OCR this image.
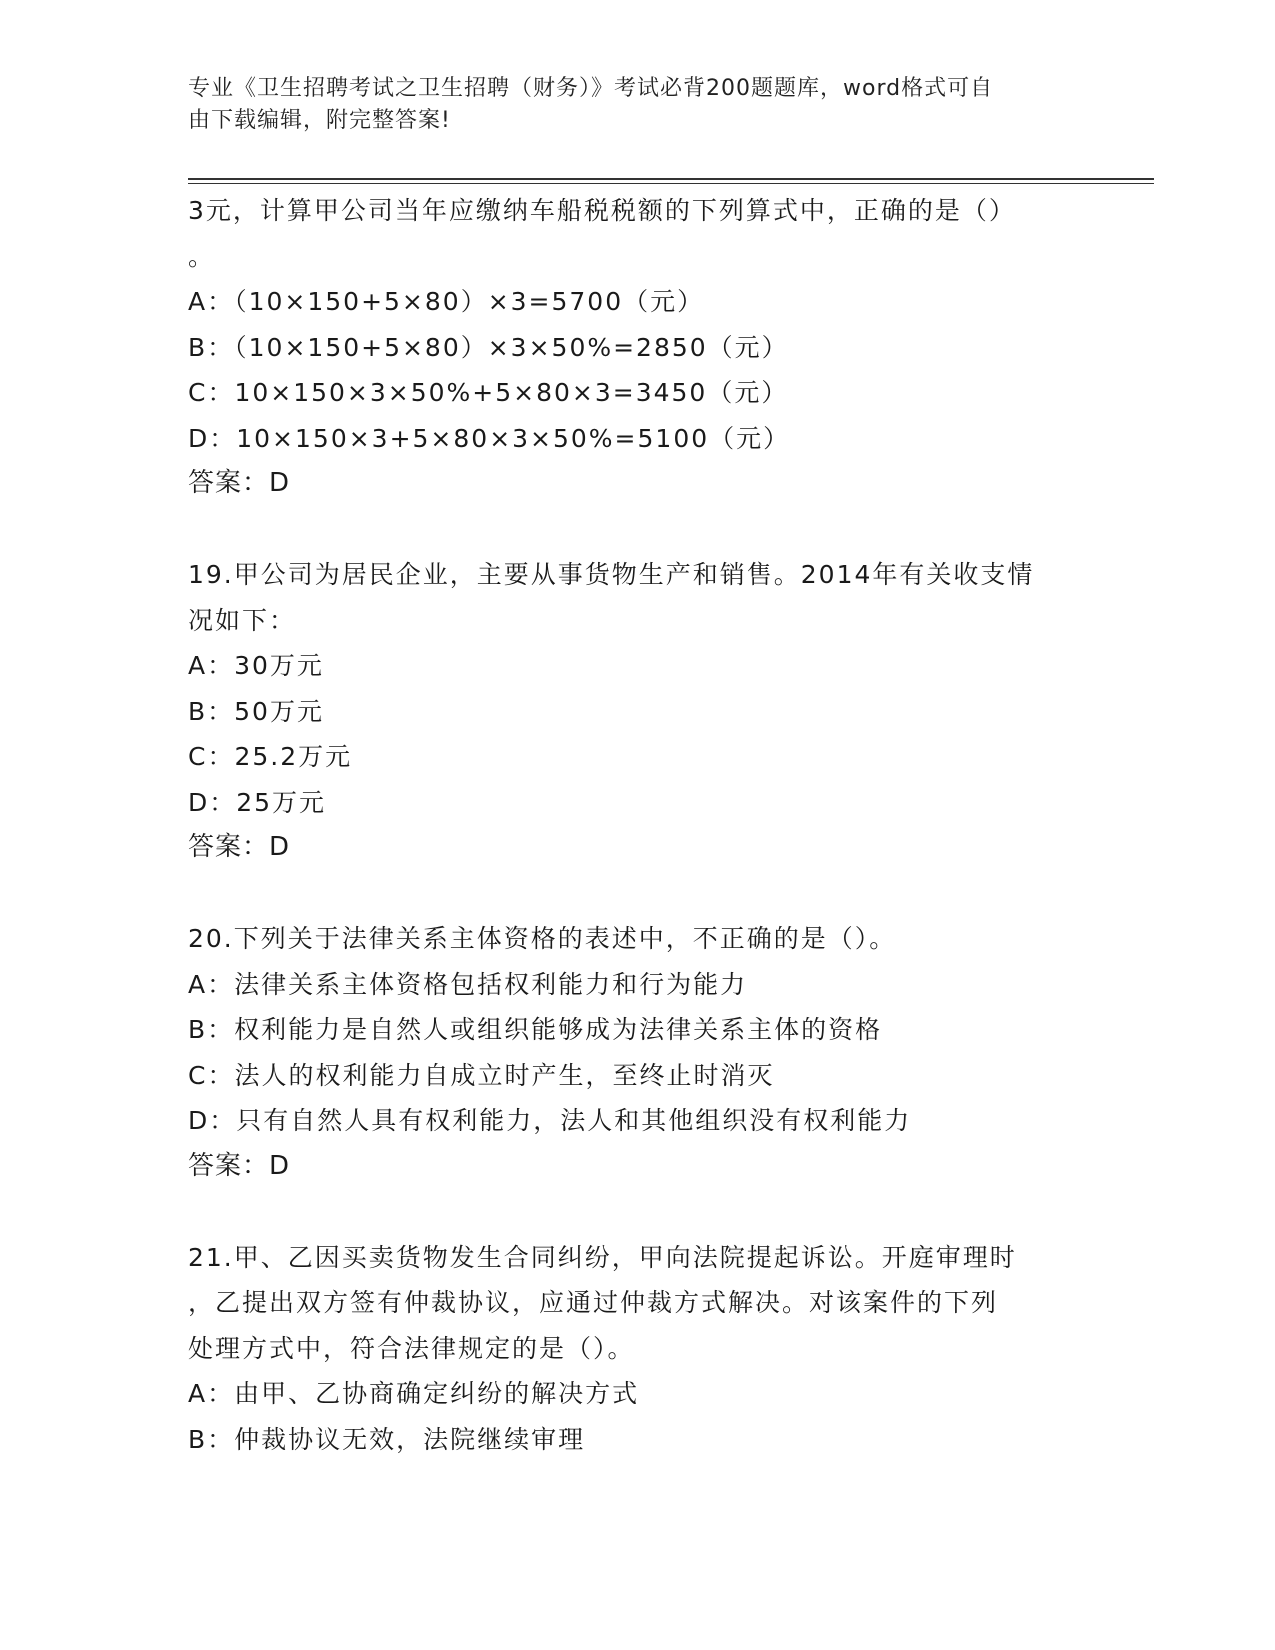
专业《卫生招聘考试之卫生招聘（财务）》考试必背200题题库，word格式可自
由下载编辑，附完整答案!
3元，计算甲公司当年应缴纳车船税税额的下列算式中，正确的是（）
。
A：（10×150+5×80）×3=5700（元）
B：（10×150+5×80）×3×50%=2850（元）
C：10×150×3×50%+5×80×3=3450（元）
D：10×150×3+5×80×3×50%=5100（元）
答案：D
19.甲公司为居民企业，主要从事货物生产和销售。2014年有关收支情
况如下：
A：30万元
B：50万元
C：25.2万元
D：25万元
答案：D
20.下列关于法律关系主体资格的表述中，不正确的是（）。
A：法律关系主体资格包括权利能力和行为能力
B：权利能力是自然人或组织能够成为法律关系主体的资格
C：法人的权利能力自成立时产生，至终止时消灭
D：只有自然人具有权利能力，法人和其他组织没有权利能力
答案：D
21.甲、乙因买卖货物发生合同纠纷，甲向法院提起诉讼。开庭审理时
，乙提出双方签有仲裁协议，应通过仲裁方式解决。对该案件的下列
处理方式中，符合法律规定的是（）。
A：由甲、乙协商确定纠纷的解决方式
B：仲裁协议无效，法院继续审理
